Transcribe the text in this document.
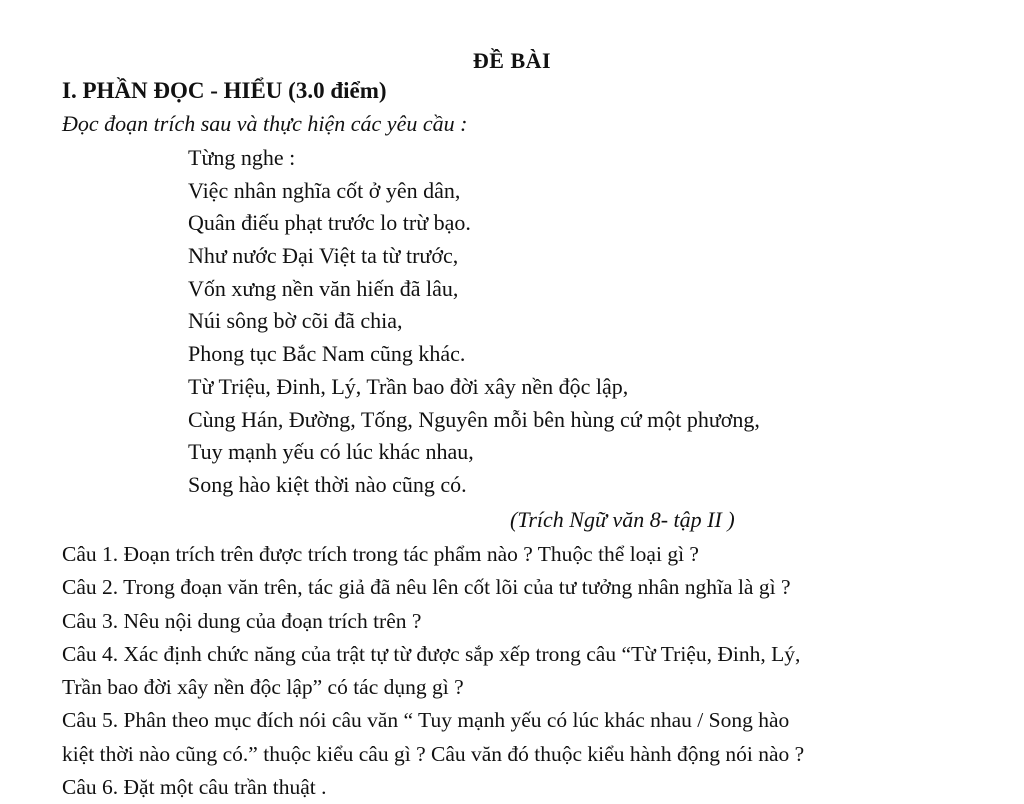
ĐỀ BÀI
I. PHẦN ĐỌC - HIỂU (3.0 điểm)
Đọc đoạn trích sau và thực hiện các yêu cầu :
Từng nghe :
Việc nhân nghĩa cốt ở yên dân,
Quân điếu phạt trước lo trừ bạo.
Như nước Đại Việt ta từ trước,
Vốn xưng nền văn hiến đã lâu,
Núi sông bờ cõi đã chia,
Phong tục Bắc Nam cũng khác.
Từ Triệu, Đinh, Lý, Trần bao đời xây nền độc lập,
Cùng Hán, Đường, Tống, Nguyên mỗi bên hùng cứ một phương,
Tuy mạnh yếu có lúc khác nhau,
Song hào kiệt thời nào cũng có.
(Trích Ngữ văn 8- tập II )
Câu 1. Đoạn trích trên được trích trong tác phẩm nào ? Thuộc thể loại gì ?
Câu 2. Trong đoạn văn trên, tác giả đã nêu lên cốt lõi của tư tưởng nhân nghĩa là gì ?
Câu 3. Nêu nội dung của đoạn trích trên ?
Câu 4. Xác định chức năng của trật tự từ được sắp xếp trong câu “Từ Triệu, Đinh, Lý,
Trần bao đời xây nền độc lập” có tác dụng gì ?
Câu 5. Phân theo mục đích nói câu văn “ Tuy mạnh yếu có lúc khác nhau / Song hào
kiệt thời nào cũng có.” thuộc kiểu câu gì ? Câu văn đó thuộc kiểu hành động nói nào ?
Câu 6. Đặt một câu trần thuật .
